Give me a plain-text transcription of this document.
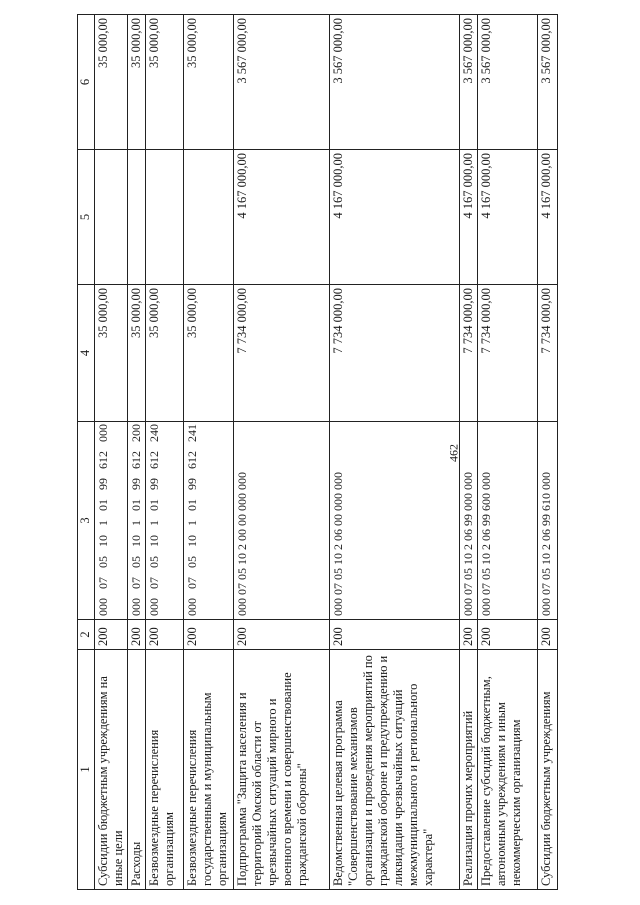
462
1	2	3	4	5	6
Субсидии бюджетным учреждениям на иные цели	200	000 07 05 10 1 01 99 612 000	35 000,00		35 000,00
Расходы	200	000 07 05 10 1 01 99 612 200	35 000,00		35 000,00
Безвозмездные перечисления организациям	200	000 07 05 10 1 01 99 612 240	35 000,00		35 000,00
Безвозмездные перечисления государственным и муниципальным организациям	200	000 07 05 10 1 01 99 612 241	35 000,00		35 000,00
Подпрограмма "Защита населения и территорий Омской области от чрезвычайных ситуаций мирного и военного времени и совершенствование гражданской обороны"	200	000 07 05 10 2 00 00 000 000	7 734 000,00	4 167 000,00	3 567 000,00
Ведомственная целевая программа "Совершенствование механизмов организации и проведения мероприятий по гражданской обороне и предупреждению и ликвидации чрезвычайных ситуаций межмуниципального и регионального характера"	200	000 07 05 10 2 06 00 000 000	7 734 000,00	4 167 000,00	3 567 000,00
Реализация прочих мероприятий	200	000 07 05 10 2 06 99 000 000	7 734 000,00	4 167 000,00	3 567 000,00
Предоставление субсидий бюджетным, автономным учреждениям и иным некоммерческим организациям	200	000 07 05 10 2 06 99 600 000	7 734 000,00	4 167 000,00	3 567 000,00
Субсидии бюджетным учреждениям	200	000 07 05 10 2 06 99 610 000	7 734 000,00	4 167 000,00	3 567 000,00
